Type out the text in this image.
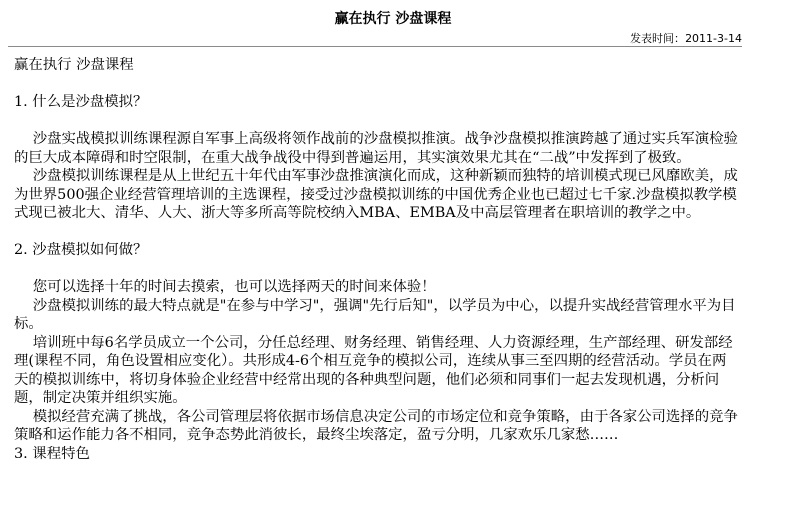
赢在执行 沙盘课程
发表时间：2011-3-14

赢在执行 沙盘课程

1. 什么是沙盘模拟？

沙盘实战模拟训练课程源自军事上高级将领作战前的沙盘模拟推演。战争沙盘模拟推演跨越了通过实兵军演检验的巨大成本障碍和时空限制，在重大战争战役中得到普遍运用，其实演效果尤其在“二战”中发挥到了极致。

沙盘模拟训练课程是从上世纪五十年代由军事沙盘推演演化而成，这种新颖而独特的培训模式现已风靡欧美，成为世界500强企业经营管理培训的主选课程，接受过沙盘模拟训练的中国优秀企业也已超过七千家.沙盘模拟教学模式现已被北大、清华、人大、浙大等多所高等院校纳入MBA、EMBA及中高层管理者在职培训的教学之中。

2. 沙盘模拟如何做？

您可以选择十年的时间去摸索，也可以选择两天的时间来体验！

沙盘模拟训练的最大特点就是"在参与中学习"，强调"先行后知"，以学员为中心，以提升实战经营管理水平为目标。

培训班中每6名学员成立一个公司，分任总经理、财务经理、销售经理、人力资源经理，生产部经理、研发部经理(课程不同，角色设置相应变化）。共形成4-6个相互竞争的模拟公司，连续从事三至四期的经营活动。学员在两天的模拟训练中，将切身体验企业经营中经常出现的各种典型问题，他们必须和同事们一起去发现机遇，分析问题，制定决策并组织实施。

模拟经营充满了挑战，各公司管理层将依据市场信息决定公司的市场定位和竞争策略，由于各家公司选择的竞争策略和运作能力各不相同，竞争态势此消彼长，最终尘埃落定，盈亏分明，几家欢乐几家愁……

3. 课程特色
